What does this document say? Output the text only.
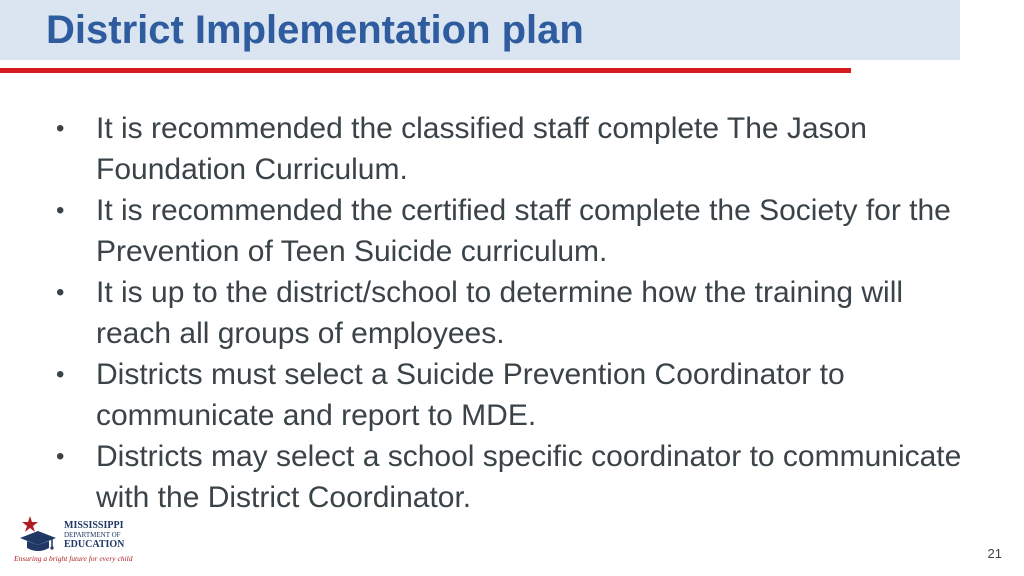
District Implementation plan
•	It is recommended the classified staff complete The Jason Foundation Curriculum.
•	It is recommended the certified staff complete the Society for the Prevention of Teen Suicide curriculum.
•	It is up to the district/school to determine how the training will reach all groups of employees.
•	Districts must select a Suicide Prevention Coordinator to communicate and report to MDE.
•	Districts may select a school specific coordinator to communicate with the District Coordinator.
MISSISSIPPI
DEPARTMENT OF
EDUCATION
Ensuring a bright future for every child	21
